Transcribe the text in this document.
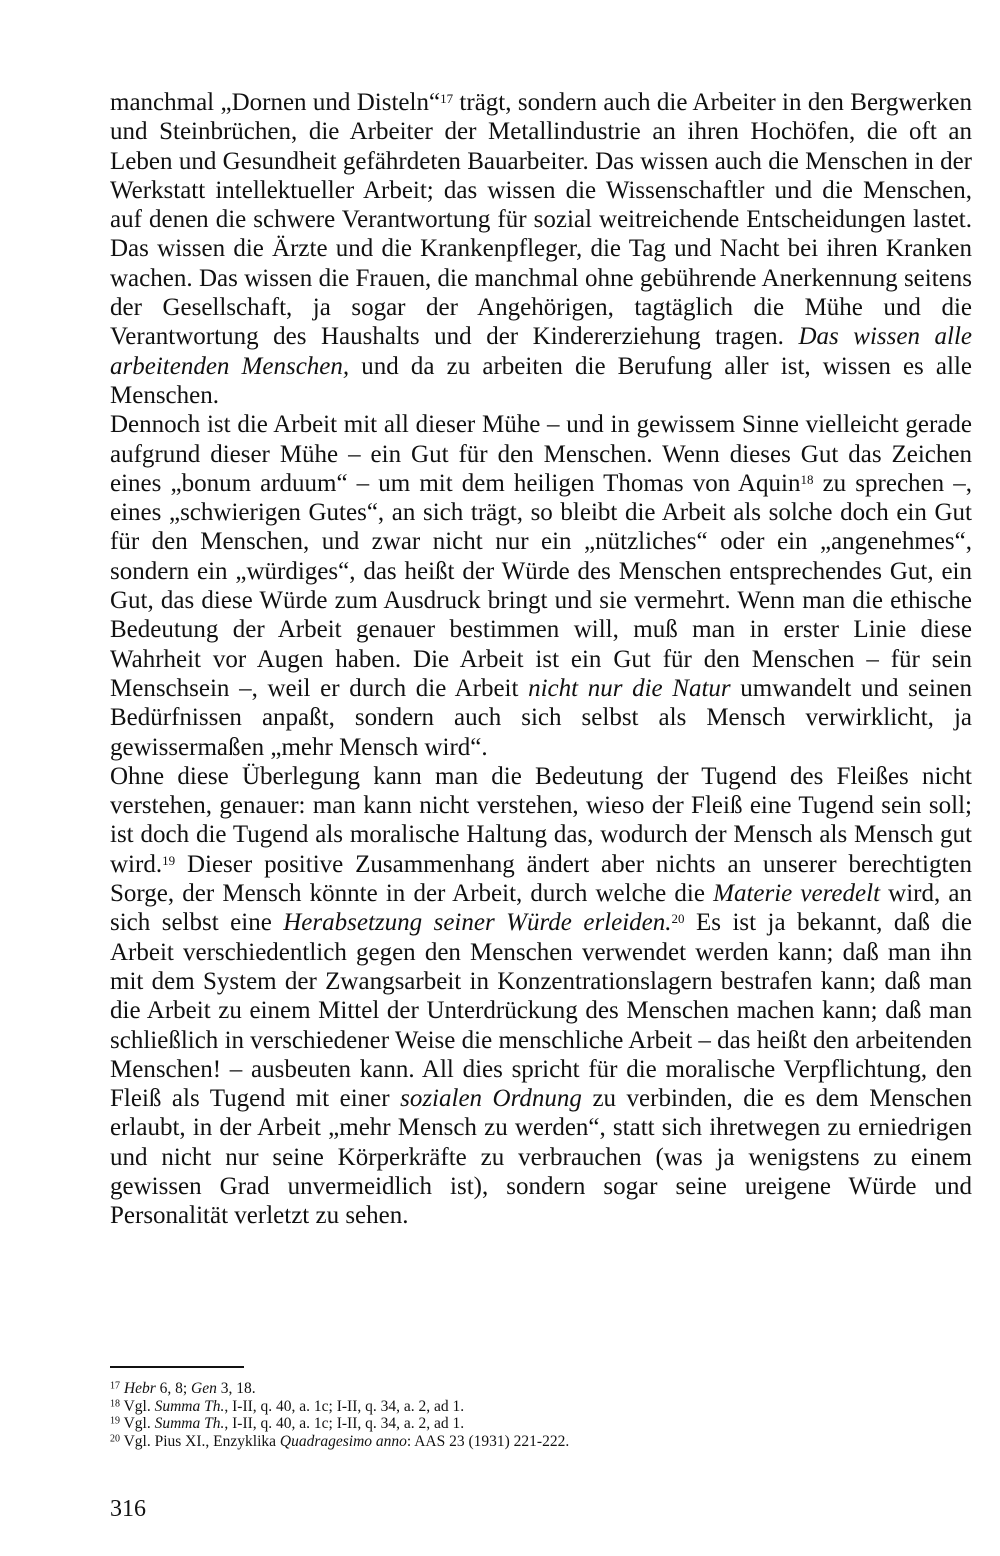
manchmal „Dornen und Disteln“$^{17}$ trägt, sondern auch die Arbeiter in den Bergwerken und Steinbrüchen, die Arbeiter der Metallindustrie an ihren Hochöfen, die oft an Leben und Gesundheit gefährdeten Bauarbeiter. Das wissen auch die Menschen in der Werkstatt intellektueller Arbeit; das wissen die Wissenschaftler und die Menschen, auf denen die schwere Verantwortung für sozial weitreichende Entscheidungen lastet. Das wissen die Ärzte und die Krankenpfleger, die Tag und Nacht bei ihren Kranken wachen. Das wissen die Frauen, die manchmal ohne gebührende Anerkennung seitens der Gesellschaft, ja sogar der Angehörigen, tagtäglich die Mühe und die Verantwortung des Haushalts und der Kindererziehung tragen. Das wissen alle arbeitenden Menschen, und da zu arbeiten die Berufung aller ist, wissen es alle Menschen.

Dennoch ist die Arbeit mit all dieser Mühe – und in gewissem Sinne vielleicht gerade aufgrund dieser Mühe – ein Gut für den Menschen. Wenn dieses Gut das Zeichen eines „bonum arduum“ – um mit dem heiligen Thomas von Aquin$^{18}$ zu sprechen –, eines „schwierigen Gutes“, an sich trägt, so bleibt die Arbeit als solche doch ein Gut für den Menschen, und zwar nicht nur ein „nützliches“ oder ein „angenehmes“, sondern ein „würdiges“, das heißt der Würde des Menschen entsprechendes Gut, ein Gut, das diese Würde zum Ausdruck bringt und sie vermehrt. Wenn man die ethische Bedeutung der Arbeit genauer bestimmen will, muß man in erster Linie diese Wahrheit vor Augen haben. Die Arbeit ist ein Gut für den Menschen – für sein Menschsein –, weil er durch die Arbeit nicht nur die Natur umwandelt und seinen Bedürfnissen anpaßt, sondern auch sich selbst als Mensch verwirklicht, ja gewissermaßen „mehr Mensch wird“.

Ohne diese Überlegung kann man die Bedeutung der Tugend des Fleißes nicht verstehen, genauer: man kann nicht verstehen, wieso der Fleiß eine Tugend sein soll; ist doch die Tugend als moralische Haltung das, wodurch der Mensch als Mensch gut wird.$^{19}$ Dieser positive Zusammenhang ändert aber nichts an unserer berechtigten Sorge, der Mensch könnte in der Arbeit, durch welche die Materie veredelt wird, an sich selbst eine Herabsetzung seiner Würde erleiden.$^{20}$ Es ist ja bekannt, daß die Arbeit verschiedentlich gegen den Menschen verwendet werden kann; daß man ihn mit dem System der Zwangsarbeit in Konzentrationslagern bestrafen kann; daß man die Arbeit zu einem Mittel der Unterdrückung des Menschen machen kann; daß man schließlich in verschiedener Weise die menschliche Arbeit – das heißt den arbeitenden Menschen! – ausbeuten kann. All dies spricht für die moralische Verpflichtung, den Fleiß als Tugend mit einer sozialen Ordnung zu verbinden, die es dem Menschen erlaubt, in der Arbeit „mehr Mensch zu werden“, statt sich ihretwegen zu erniedrigen und nicht nur seine Körperkräfte zu verbrauchen (was ja wenigstens zu einem gewissen Grad unvermeidlich ist), sondern sogar seine ureigene Würde und Personalität verletzt zu sehen.

$^{17}$ Hebr 6, 8; Gen 3, 18.

$^{18}$ Vgl. Summa Th., I-II, q. 40, a. 1c; I-II, q. 34, a. 2, ad 1.

$^{19}$ Vgl. Summa Th., I-II, q. 40, a. 1c; I-II, q. 34, a. 2, ad 1.

$^{20}$ Vgl. Pius XI., Enzyklika Quadragesimo anno: AAS 23 (1931) 221-222.

316
